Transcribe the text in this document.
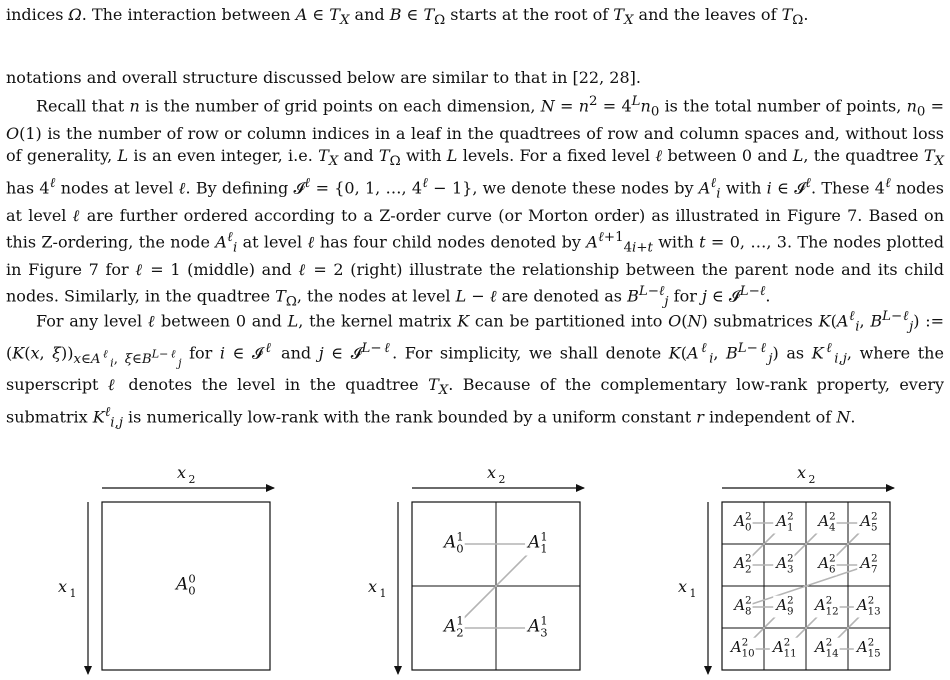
indices Ω. The interaction between A ∈ $T_X$ and B ∈ $T_\Omega$ starts at the root of $T_X$ and the leaves of $T_\Omega$.
notations and overall structure discussed below are similar to that in [22, 28].
Recall that n is the number of grid points on each dimension, $N = n^2 = 4^Ln_0$ is the total number of points, $n_0 = O(1)$ is the number of row or column indices in a leaf in the quadtrees of row and column spaces and, without loss of generality, L is an even integer, i.e. $T_X$ and $T_\Omega$ with L levels. For a fixed level ℓ between 0 and L, the quadtree $T_X$ has $4^\ell$ nodes at level ℓ. By defining 𝓘$^\ell$ = {0, 1, …, $4^\ell - 1$}, we denote these nodes by $A^\ell_i$ with i ∈ 𝓘$^\ell$. These $4^\ell$ nodes at level ℓ are further ordered according to a Z-order curve (or Morton order) as illustrated in Figure 7. Based on this Z-ordering, the node $A^\ell_i$ at level ℓ has four child nodes denoted by $A^{\ell+1}_{4i+t}$ with t = 0, …, 3. The nodes plotted in Figure 7 for ℓ = 1 (middle) and ℓ = 2 (right) illustrate the relationship between the parent node and its child nodes. Similarly, in the quadtree $T_\Omega$, the nodes at level L − ℓ are denoted as $B^{L-\ell}_j$ for j ∈ 𝓘$^{L-\ell}$.
For any level ℓ between 0 and L, the kernel matrix K can be partitioned into O(N) submatrices $K(A^\ell_i$, $B^{L-\ell}_j$) := (K(x, $\xi))_{x\in A^\ell_i, \xi\in B^{L-\ell}_j}$ for i ∈ 𝓘$^\ell$ and j ∈ 𝓘$^{L-\ell}$. For simplicity, we shall denote $K(A^\ell_i$, $B^{L-\ell}_j$) as $K^\ell_{i,j}$, where the superscript ℓ denotes the level in the quadtree $T_X$. Because of the complementary low-rank property, every submatrix $K^\ell_{i,j}$ is numerically low-rank with the rank bounded by a uniform constant r independent of N.
x 2
x 1	$A^0$ 0
x 2
x 1
$A^1$ 0	$A^1$ 1
$A^1$ 2	$A^1$ 3
x 2
x 1
$A^2$ 0 $A^2$ 1 $A^2$ 4 $A^2$ 5
$A^2$ 2 $A^2$ 3 $A^2$ 6 $A^2$ 7
$A^2$ 8 $A^2$ 9 $A^2$ 12 $A^2$ 13
$A^2$ 10 $A^2$ 11 $A^2$ 14 $A^2$ 15
